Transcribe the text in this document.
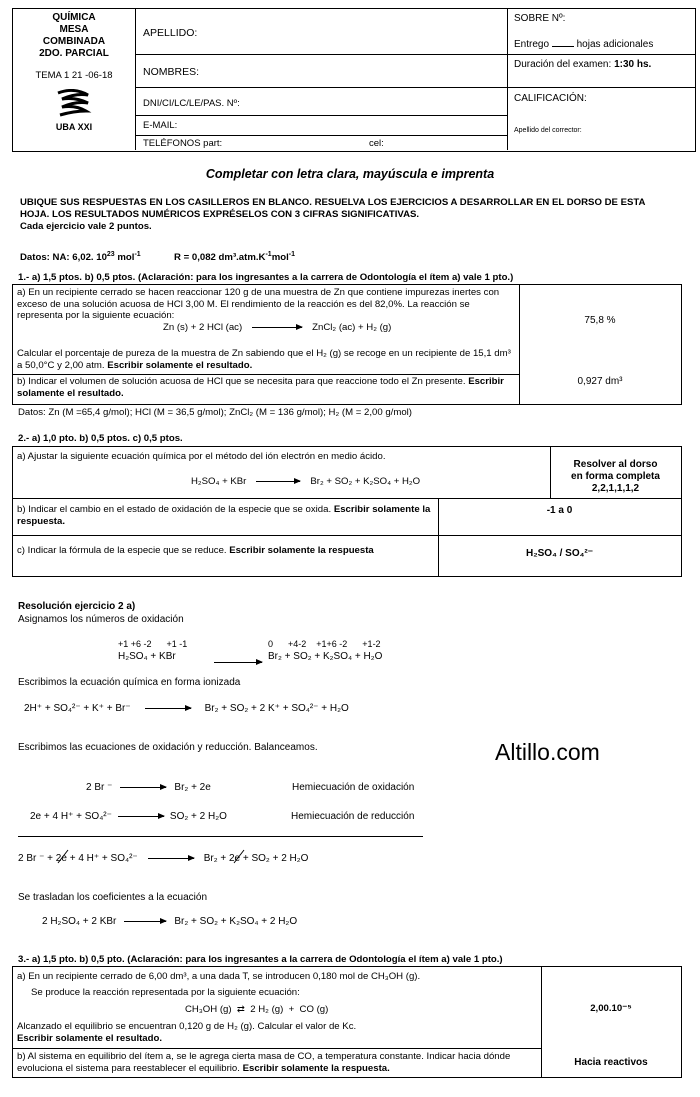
QUÍMICA
MESA
COMBINADA
2DO. PARCIAL
TEMA 1 21 -06-18
UBA XXI
APELLIDO:
NOMBRES:
DNI/CI/LC/LE/PAS. Nº:
E-MAIL:
TELÉFONOS part:	cel:
SOBRE Nº:
Entrego	hojas adicionales
Duración del examen: 1:30 hs.
CALIFICACIÓN:
Apellido del corrector:
Completar con letra clara, mayúscula e imprenta
UBIQUE SUS RESPUESTAS EN LOS CASILLEROS EN BLANCO. RESUELVA LOS EJERCICIOS A DESARROLLAR EN EL DORSO DE ESTA
HOJA. LOS RESULTADOS NUMÉRICOS EXPRÉSELOS CON 3 CIFRAS SIGNIFICATIVAS.
Cada ejercicio vale 2 puntos.
Datos: NA: 6,02. $10^{23}$ mol$^{-1}$	R = 0,082 $dm^3.atm.K^{-1}mol^{-1}$
1.- a) 1,5 ptos. b) 0,5 ptos. (Aclaración: para los ingresantes a la carrera de Odontología el ítem a) vale 1 pto.)
a) En un recipiente cerrado se hacen reaccionar 120 g de una muestra de Zn que contiene impurezas inertes con exceso de una solución acuosa de HCl 3,00 M. El rendimiento de la reacción es del 82,0%. La reacción se representa por la siguiente ecuación:
Zn (s) + 2 HCl (ac)	ZnCl₂ (ac) + H₂ (g)
Calcular el porcentaje de pureza de la muestra de Zn sabiendo que el H₂ (g) se recoge en un recipiente de 15,1 dm³ a 50,0°C y 2,00 atm. Escribir solamente el resultado.
75,8 %
b) Indicar el volumen de solución acuosa de HCl que se necesita para que reaccione todo el Zn presente. Escribir solamente el resultado.
0,927 dm³
Datos: Zn (M =65,4 g/mol); HCl (M = 36,5 g/mol); ZnCl₂ (M = 136 g/mol); H₂ (M = 2,00 g/mol)
2.- a) 1,0 pto. b) 0,5 ptos. c) 0,5 ptos.
a) Ajustar la siguiente ecuación química por el método del ión electrón en medio ácido.
H₂SO₄ + KBr	Br₂ + SO₂ + K₂SO₄ + H₂O
Resolver al dorso
en forma completa
2,2,1,1,1,2
b) Indicar el cambio en el estado de oxidación de la especie que se oxida. Escribir solamente la respuesta.
-1 a 0
c) Indicar la fórmula de la especie que se reduce. Escribir solamente la respuesta	H₂SO₄ / SO₄²⁻
Resolución ejercicio 2 a)
Asignamos los números de oxidación
+1 +6 -2      +1 -1
H₂SO₄ + KBr
0      +4-2    +1+6 -2      +1-2
Br₂ + SO₂ + K₂SO₄ + H₂O
Escribimos la ecuación química en forma ionizada
2H⁺ + SO₄²⁻ + K⁺ + Br⁻	Br₂ + SO₂ + 2 K⁺ + SO₄²⁻ + H₂O
Escribimos las ecuaciones de oxidación y reducción. Balanceamos.	Altillo.com
2 Br ⁻	Br₂ + 2e	Hemiecuación de oxidación
2e + 4 H⁺ + SO₄²⁻	SO₂ + 2 H₂O	Hemiecuación de reducción
2 Br ⁻ + 2e + 4 H⁺ + SO₄²⁻	Br₂ + 2e + SO₂ + 2 H₂O
Se trasladan los coeficientes a la ecuación
2 H₂SO₄ + 2 KBr	Br₂ + SO₂ + K₂SO₄ + 2 H₂O
3.- a) 1,5 pto. b) 0,5 pto. (Aclaración: para los ingresantes a la carrera de Odontología el ítem a) vale 1 pto.)
a) En un recipiente cerrado de 6,00 dm³, a una dada T, se introducen 0,180 mol de CH₃OH (g).
Se produce la reacción representada por la siguiente ecuación:
CH₃OH (g)  ⇄  2 H₂ (g)  +  CO (g)
Alcanzado el equilibrio se encuentran 0,120 g de H₂ (g). Calcular el valor de Kc.
Escribir solamente el resultado.
2,00.10⁻⁵
b) Al sistema en equilibrio del ítem a, se le agrega cierta masa de CO, a temperatura constante. Indicar hacia dónde evoluciona el sistema para reestablecer el equilibrio. Escribir solamente la respuesta.
Hacia reactivos
